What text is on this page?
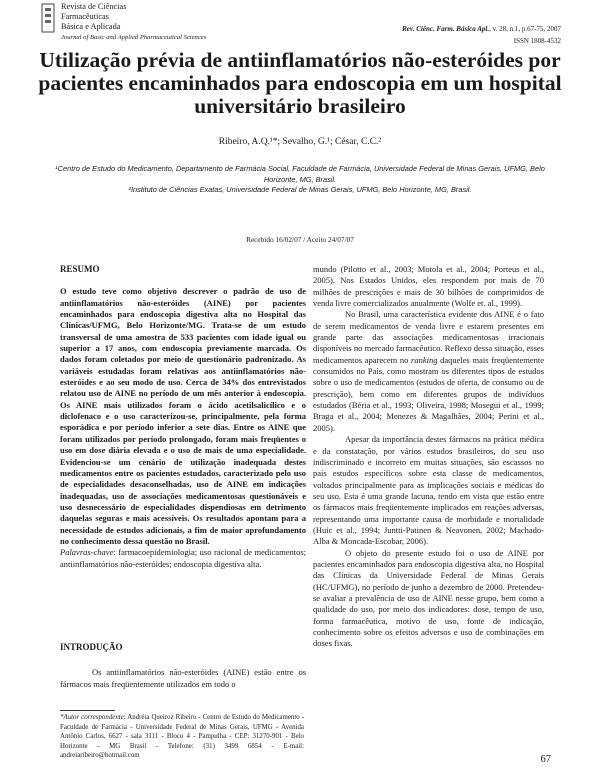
Revista de Ciências
Farmacêuticas
Básica e Aplicada
Journal of Basic and Applied Pharmaceutical Sciences
Rev. Ciênc. Farm. Básica Apl., v. 28, n.1, p.67-75, 2007
ISSN 1808-4532
Utilização prévia de antiinflamatórios não-esteróides por pacientes encaminhados para endoscopia em um hospital universitário brasileiro
Ribeiro, A.Q.¹*; Sevalho, G.¹; César, C.C.²
¹Centro de Estudo do Medicamento, Departamento de Farmácia Social, Faculdade de Farmácia, Universidade Federal de Minas Gerais, UFMG, Belo Horizonte, MG, Brasil.
²Instituto de Ciências Exatas, Universidade Federal de Minas Gerais, UFMG, Belo Horizonte, MG, Brasil.
Recebido 16/02/07 / Aceito 24/07/07

RESUMO

O estudo teve como objetivo descrever o padrão de uso de antiinflamatórios não-esteróides (AINE) por pacientes encaminhados para endoscopia digestiva alta no Hospital das Clínicas/UFMG, Belo Horizonte/MG. Trata-se de um estudo transversal de uma amostra de 533 pacientes com idade igual ou superior a 17 anos, com endoscopia previamente marcada. Os dados foram coletados por meio de questionário padronizado. As variáveis estudadas foram relativas aos antiinflamatórios não-esteróides e ao seu modo de uso. Cerca de 34% dos entrevistados relatou uso de AINE no período de um mês anterior à endoscopia. Os AINE mais utilizados foram o ácido acetilsalicílico e o diclofenaco e o uso caracterizou-se, principalmente, pela forma esporádica e por período inferior a sete dias. Entre os AINE que foram utilizados por período prolongado, foram mais freqüentes o uso em dose diária elevada e o uso de mais de uma especialidade. Evidenciou-se um cenário de utilização inadequada destes medicamentos entre os pacientes estudados, caracterizado pelo uso de especialidades desaconselhadas, uso de AINE em indicações inadequadas, uso de associações medicamentosas questionáveis e uso desnecessário de especialidades dispendiosas em detrimento daquelas seguras e mais acessíveis. Os resultados apontam para a necessidade de estudos adicionais, a fim de maior aprofundamento no conhecimento dessa questão no Brasil.

Palavras-chave: farmacoepidemiologia; uso racional de medicamentos; antiinflamatórios não-esteróides; endoscopia digestiva alta.

INTRODUÇÃO

Os antiinflamatórios não-esteróides (AINE) estão entre os fármacos mais freqüentemente utilizados em todo o

mundo (Pilotto et al., 2003; Motola et al., 2004; Porteus et al., 2005). Nos Estados Unidos, eles respondem por mais de 70 milhões de prescrições e mais de 30 bilhões de comprimidos de venda livre comercializados anualmente (Wolfe et. al., 1999).

No Brasil, uma característica evidente dos AINE é o fato de serem medicamentos de venda livre e estarem presentes em grande parte das associações medicamentosas irracionais disponíveis no mercado farmacêutico. Reflexo dessa situação, esses medicamentos aparecem no ranking daqueles mais freqüentemente consumidos no País, como mostram os diferentes tipos de estudos sobre o uso de medicamentos (estudos de oferta, de consumo ou de prescrição), bem como em diferentes grupos de indivíduos estudados (Béria et al., 1993; Oliveira, 1998; Mosegui et al., 1999; Braga et al., 2004; Menezes & Magalhães, 2004; Perini et al., 2005).

Apesar da importância destes fármacos na prática médica e da constatação, por vários estudos brasileiros, do seu uso indiscriminado e incorreto em muitas situações, são escassos no país estudos específicos sobre esta classe de medicamentos, voltados principalmente para as implicações sociais e médicas do seu uso. Esta é uma grande lacuna, tendo em vista que estão entre os fármacos mais freqüentemente implicados em reações adversas, representando uma importante causa de morbidade e mortalidade (Huic et al., 1994; Juntti-Patinen & Neavonen, 2002; Machado-Alba & Moncada-Escobar, 2006).

O objeto do presente estudo foi o uso de AINE por pacientes encaminhados para endoscopia digestiva alta, no Hospital das Clínicas da Universidade Federal de Minas Gerais (HC/UFMG), no período de junho a dezembro de 2000. Pretendeu-se avaliar a prevalência de uso de AINE nesse grupo, bem como a qualidade do uso, por meio dos indicadores: dose, tempo de uso, forma farmacêutica, motivo de uso, fonte de indicação, conhecimento sobre os efeitos adversos e uso de combinações em doses fixas.

*Autor correspondente: Andréia Queiroz Ribeiro - Centro de Estudo do Medicamento - Faculdade de Farmácia - Universidade Federal de Minas Gerais, UFMG - Avenida Antônio Carlos, 6627 - sala 3111 - Bloco 4 - Pampulha - CEP: 31270-901 - Belo Horizonte - MG Brasil - Telefone: (31) 3499 6854 - E-mail: andreiaribeiro@hotmail.com	67
